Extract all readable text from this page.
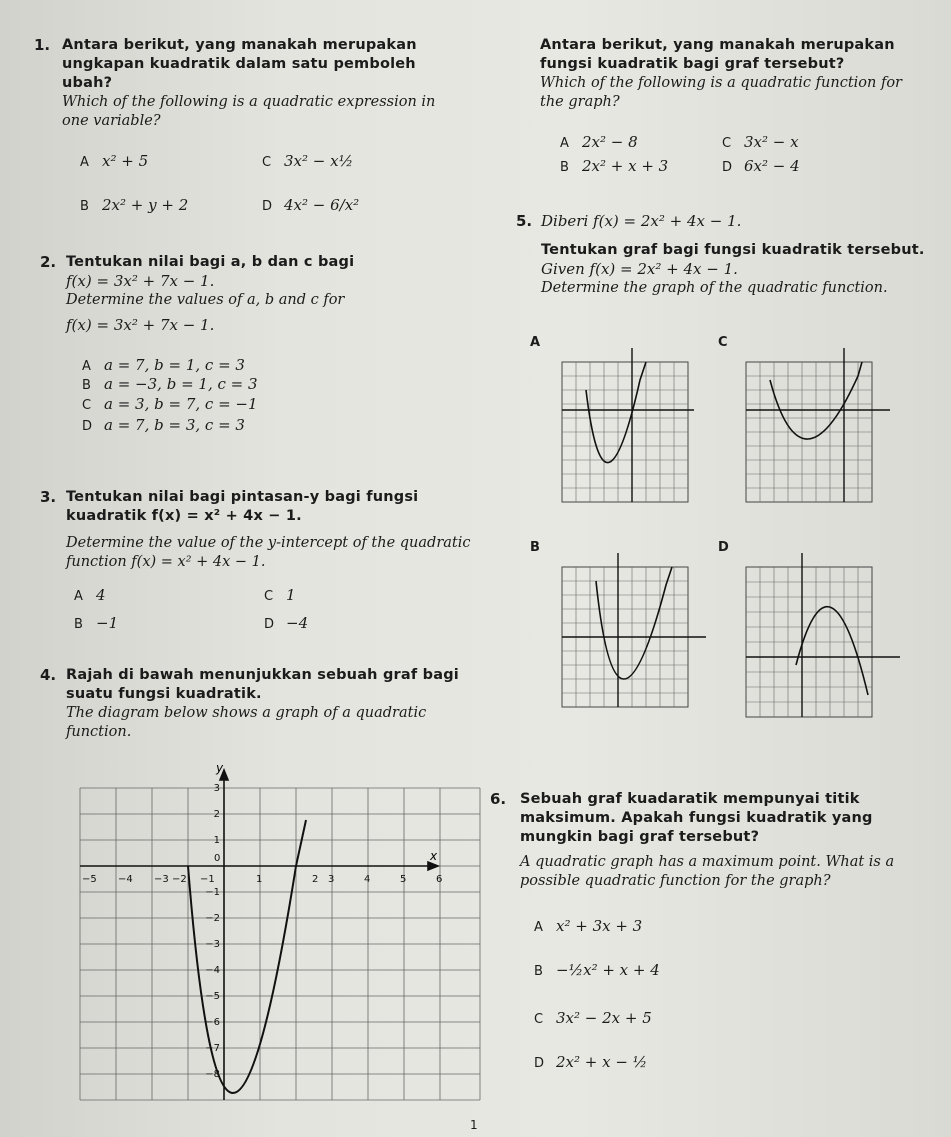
1. Antara berikut, yang manakah merupakan ungkapan kuadratik dalam satu pemboleh ubah?
Which of the following is a quadratic expression in one variable?
A x² + 5	C 3x² − x½
B 2x² + y + 2	D 4x² − 6/x²
Antara berikut, yang manakah merupakan fungsi kuadratik bagi graf tersebut?
Which of the following is a quadratic function for the graph?
A 2x² − 8	C 3x² − x
B 2x² + x + 3	D 6x² − 4
2. Tentukan nilai bagi a, b dan c bagi
f(x) = 3x² + 7x − 1.
Determine the values of a, b and c for
f(x) = 3x² + 7x − 1.
A a = 7, b = 1, c = 3
B a = −3, b = 1, c = 3
C a = 3, b = 7, c = −1
D a = 7, b = 3, c = 3
3. Tentukan nilai bagi pintasan-y bagi fungsi kuadratik f(x) = x² + 4x − 1.
Determine the value of the y-intercept of the quadratic function f(x) = x² + 4x − 1.
A 4	C 1
B −1	D −4
4. Rajah di bawah menunjukkan sebuah graf bagi suatu fungsi kuadratik.
The diagram below shows a graph of a quadratic function.
y
x
−5 −4 −3 −2 −1
0
1	2 3	4	5	6
3
2
1
−1
−2
−3
−4
−5
−6
−7
−8
5. Diberi f(x) = 2x² + 4x − 1.
Tentukan graf bagi fungsi kuadratik tersebut.
Given f(x) = 2x² + 4x − 1.
Determine the graph of the quadratic function.
A	C
B	D
6. Sebuah graf kuadaratik mempunyai titik maksimum. Apakah fungsi kuadratik yang mungkin bagi graf tersebut?
A quadratic graph has a maximum point. What is a possible quadratic function for the graph?
A x² + 3x + 3
B −½x² + x + 4
C 3x² − 2x + 5
D 2x² + x − ½
1
